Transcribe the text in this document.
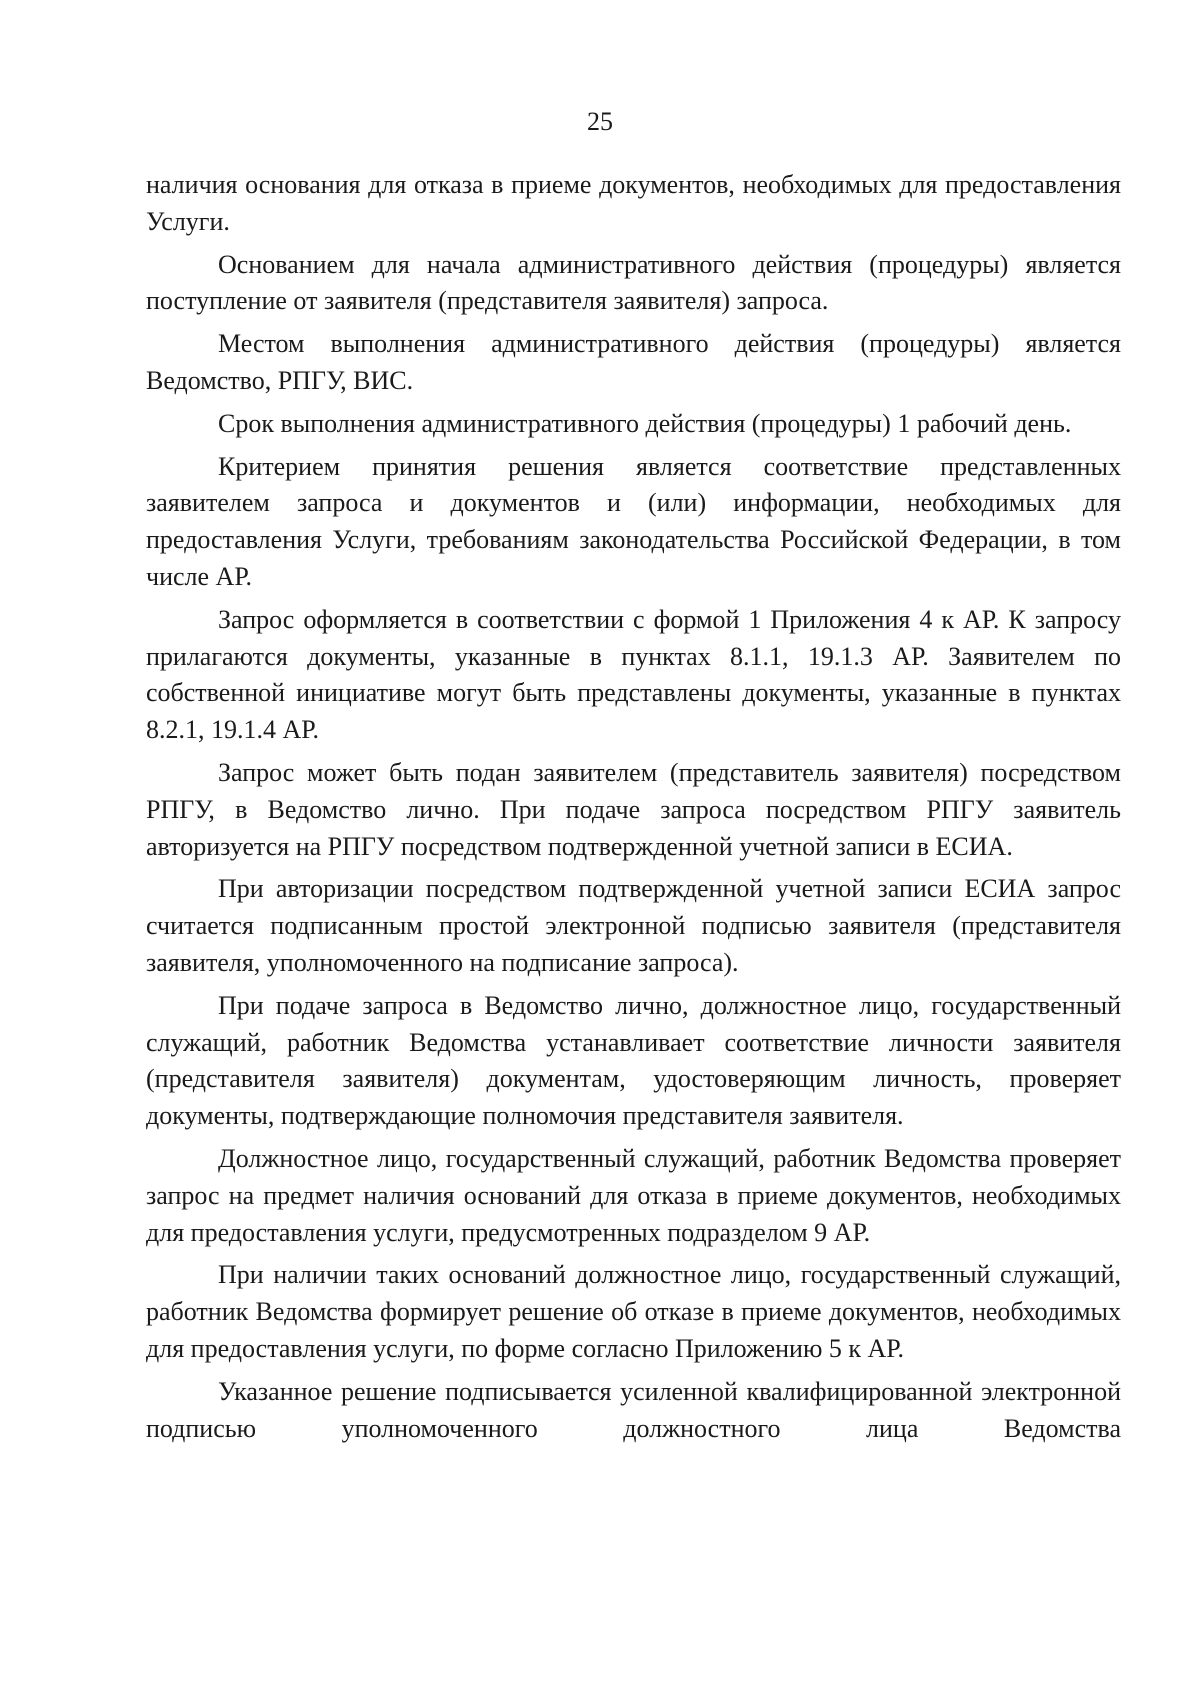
25

наличия основания для отказа в приеме документов, необходимых для предоставления Услуги.

Основанием для начала административного действия (процедуры) является поступление от заявителя (представителя заявителя) запроса.

Местом выполнения административного действия (процедуры) является Ведомство, РПГУ, ВИС.

Срок выполнения административного действия (процедуры) 1 рабочий день.

Критерием принятия решения является соответствие представленных заявителем запроса и документов и (или) информации, необходимых для предоставления Услуги, требованиям законодательства Российской Федерации, в том числе АР.

Запрос оформляется в соответствии с формой 1 Приложения 4 к АР. К запросу прилагаются документы, указанные в пунктах 8.1.1, 19.1.3 АР. Заявителем по собственной инициативе могут быть представлены документы, указанные в пунктах 8.2.1, 19.1.4 АР.

Запрос может быть подан заявителем (представитель заявителя) посредством РПГУ, в Ведомство лично. При подаче запроса посредством РПГУ заявитель авторизуется на РПГУ посредством подтвержденной учетной записи в ЕСИА.

При авторизации посредством подтвержденной учетной записи ЕСИА запрос считается подписанным простой электронной подписью заявителя (представителя заявителя, уполномоченного на подписание запроса).

При подаче запроса в Ведомство лично, должностное лицо, государственный служащий, работник Ведомства устанавливает соответствие личности заявителя (представителя заявителя) документам, удостоверяющим личность, проверяет документы, подтверждающие полномочия представителя заявителя.

Должностное лицо, государственный служащий, работник Ведомства проверяет запрос на предмет наличия оснований для отказа в приеме документов, необходимых для предоставления услуги, предусмотренных подразделом 9 АР.

При наличии таких оснований должностное лицо, государственный служащий, работник Ведомства формирует решение об отказе в приеме документов, необходимых для предоставления услуги, по форме согласно Приложению 5 к АР.

Указанное решение подписывается усиленной квалифицированной электронной подписью уполномоченного должностного лица Ведомства
